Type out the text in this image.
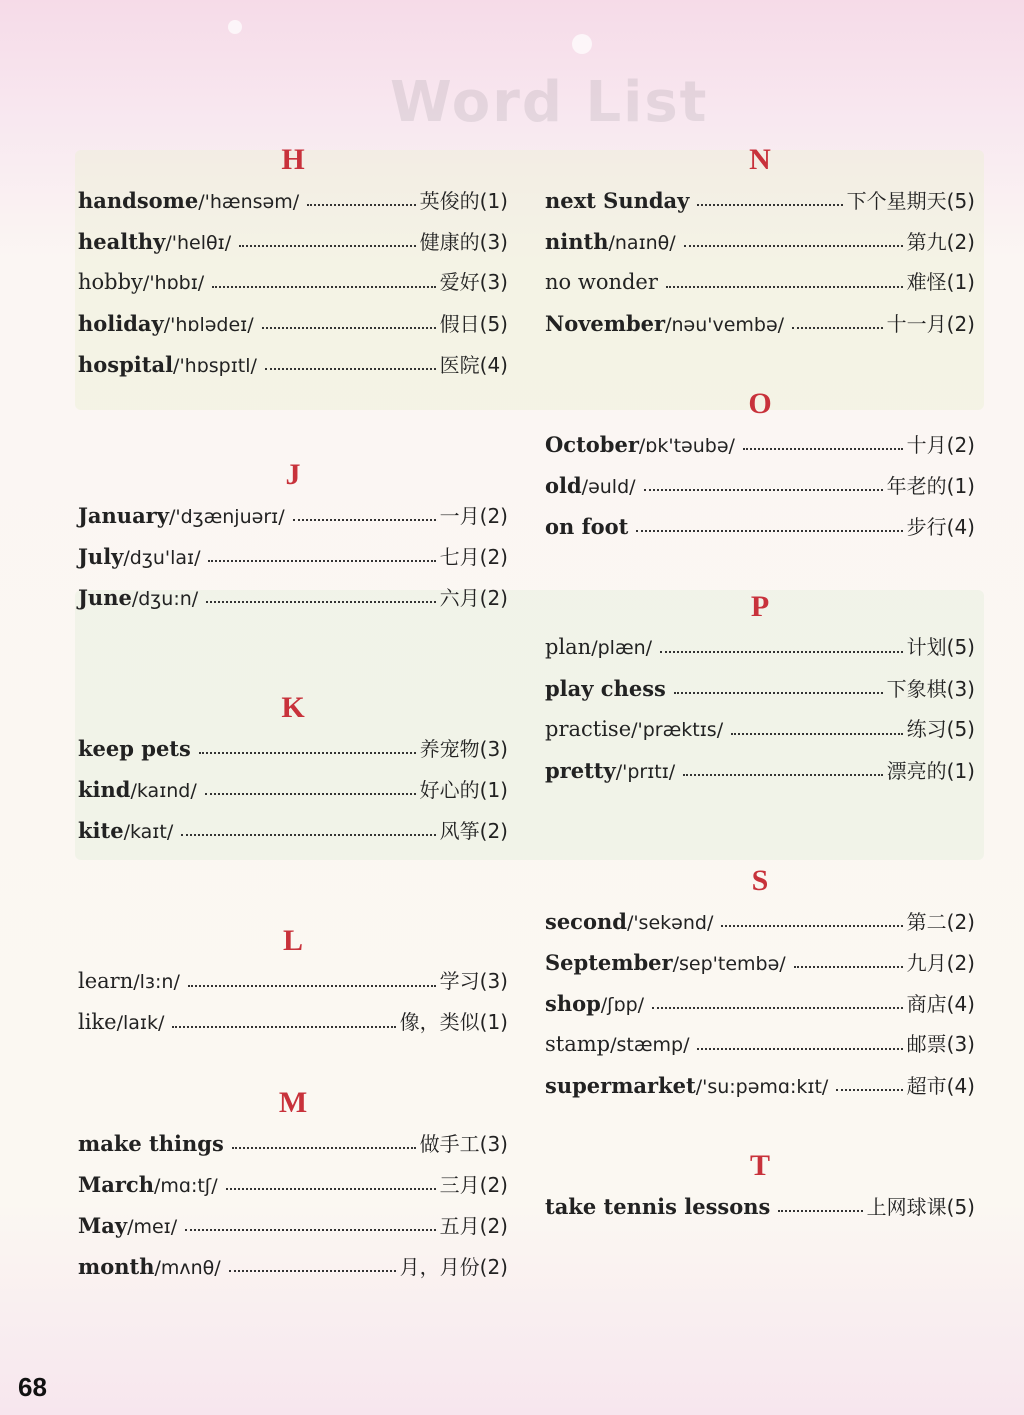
Word List
H
handsome /'hænsəm/	英俊的(1)
healthy /'helθɪ/	健康的(3)
hobby /'hɒbɪ/	爱好(3)
holiday /'hɒlədeɪ/	假日(5)
hospital /'hɒspɪtl/	医院(4)
J
January /'dʒænjuərɪ/	一月(2)
July /dʒu'laɪ/	七月(2)
June /dʒu:n/	六月(2)
K
keep pets	养宠物(3)
kind /kaɪnd/	好心的(1)
kite /kaɪt/	风筝(2)
L
learn /lɜ:n/	学习(3)
like /laɪk/	像，类似(1)
M
make things	做手工(3)
March /mɑ:tʃ/	三月(2)
May /meɪ/	五月(2)
month /mʌnθ/	月，月份(2)
N
next Sunday	下个星期天(5)
ninth /naɪnθ/	第九(2)
no wonder	难怪(1)
November /nəu'vembə/	十一月(2)
O
October /ɒk'təubə/	十月(2)
old /əuld/	年老的(1)
on foot	步行(4)
P
plan /plæn/	计划(5)
play chess	下象棋(3)
practise /'præktɪs/	练习(5)
pretty /'prɪtɪ/	漂亮的(1)
S
second /'sekənd/	第二(2)
September /sep'tembə/	九月(2)
shop /ʃɒp/	商店(4)
stamp /stæmp/	邮票(3)
supermarket /'su:pəmɑ:kɪt/	超市(4)
T
take tennis lessons	上网球课(5)
68
